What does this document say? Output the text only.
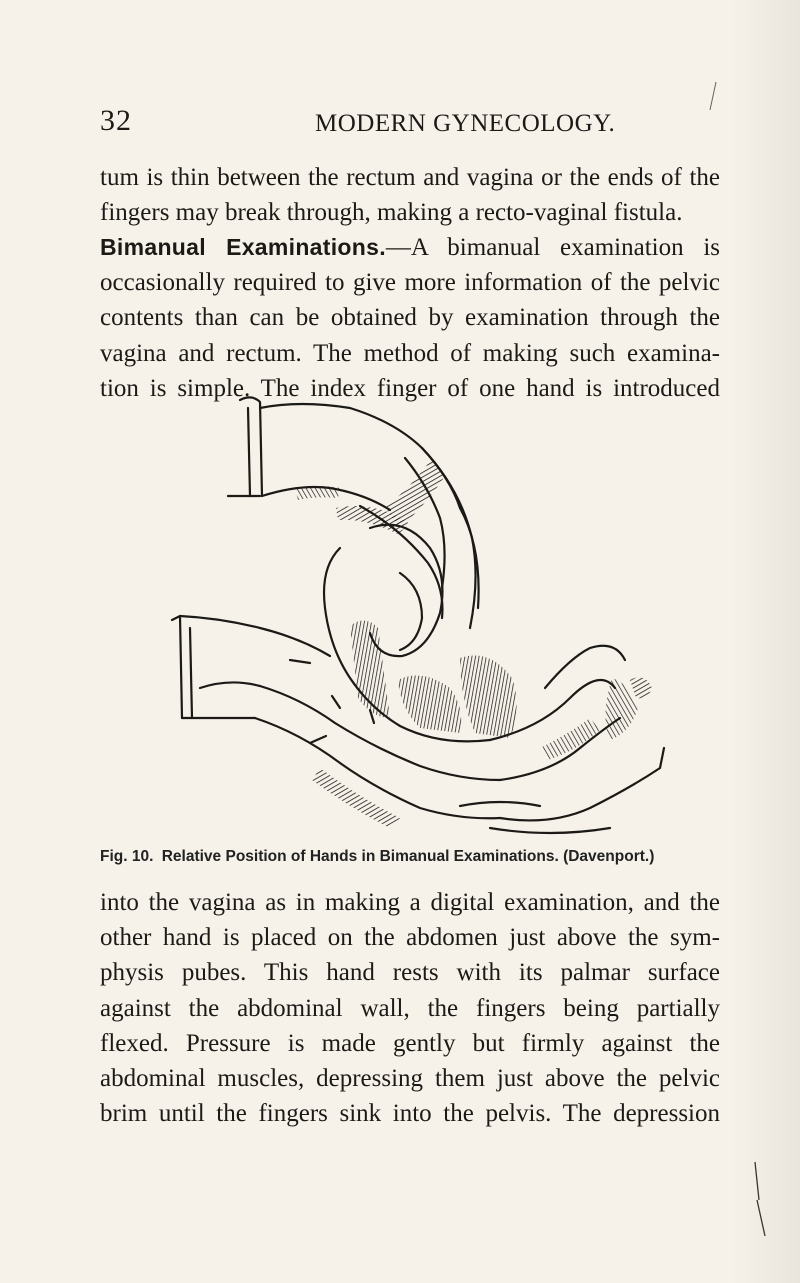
32	MODERN GYNECOLOGY.

tum is thin between the rectum and vagina or the ends of the
fingers may break through, making a recto-vaginal fistula.

Bimanual Examinations.—A bimanual examination is
occasionally required to give more information of the pelvic
contents than can be obtained by examination through the
vagina and rectum. The method of making such examina-
tion is simple. The index finger of one hand is introduced

Fig. 10. Relative Position of Hands in Bimanual Examinations. (Davenport.)

into the vagina as in making a digital examination, and the
other hand is placed on the abdomen just above the sym-
physis pubes. This hand rests with its palmar surface
against the abdominal wall, the fingers being partially
flexed. Pressure is made gently but firmly against the
abdominal muscles, depressing them just above the pelvic
brim until the fingers sink into the pelvis. The depression
